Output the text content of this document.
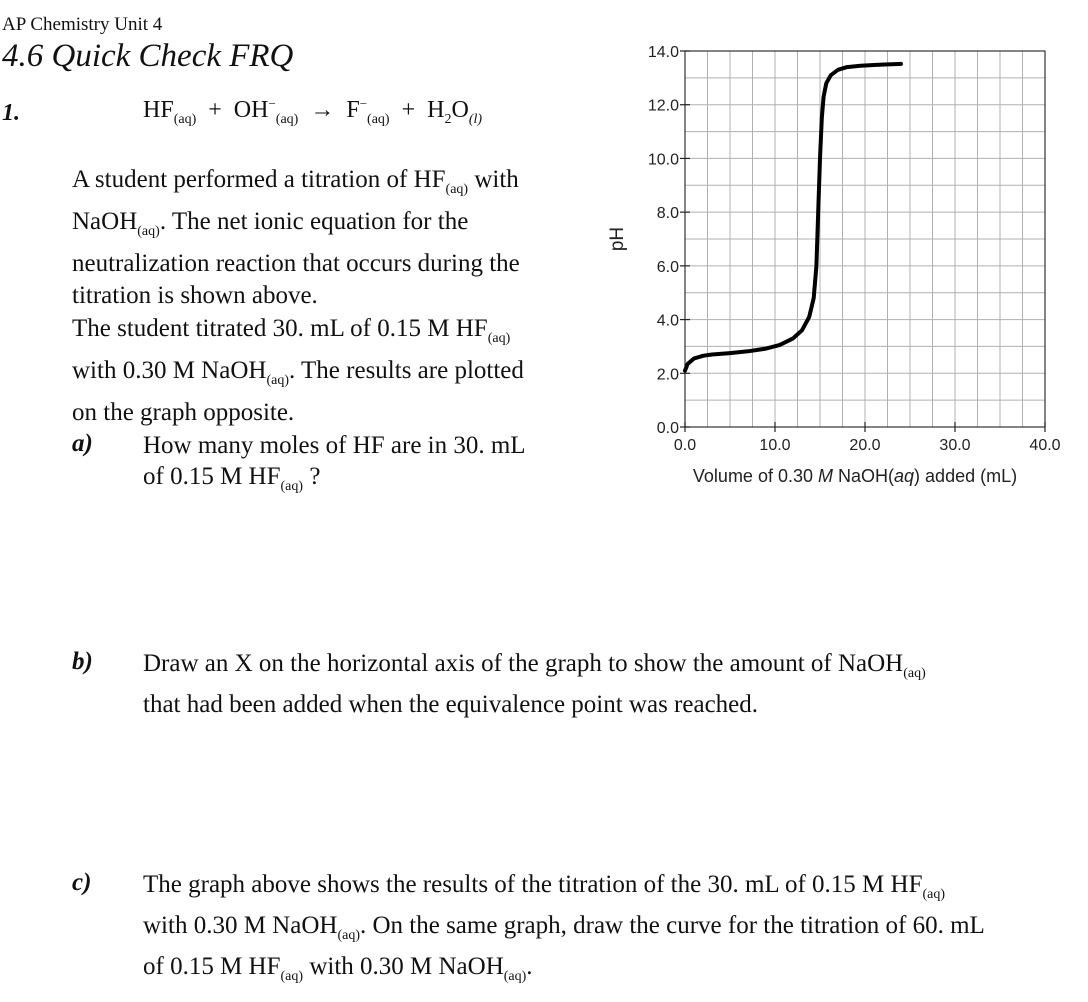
AP Chemistry Unit 4
4.6 Quick Check FRQ
1.	$HF_{(aq)} + OH^-_{(aq)} \to F^-_{(aq)} + H_2O_{(l)}$
A student performed a titration of $HF_{(aq)}$ with
NaOH$_{(aq)}$. The net ionic equation for the
neutralization reaction that occurs during the
titration is shown above.
The student titrated 30. mL of 0.15 M $HF_{(aq)}$
with 0.30 M NaOH$_{(aq)}$. The results are plotted
on the graph opposite.
a) How many moles of HF are in 30. mL
of 0.15 M $HF_{(aq)}$ ?
b) Draw an X on the horizontal axis of the graph to show the amount of NaOH$_{(aq)}$
that had been added when the equivalence point was reached.
c) The graph above shows the results of the titration of the 30. mL of 0.15 M $HF_{(aq)}$
with 0.30 M NaOH$_{(aq)}$. On the same graph, draw the curve for the titration of 60. mL
of 0.15 M $HF_{(aq)}$ with 0.30 M NaOH$_{(aq)}$.
0.0
2.0
4.0
6.0
8.0
10.0
12.0
14.0
0.0	10.0	20.0	30.0	40.0
pH
Volume of 0.30 M NaOH(aq) added (mL)
